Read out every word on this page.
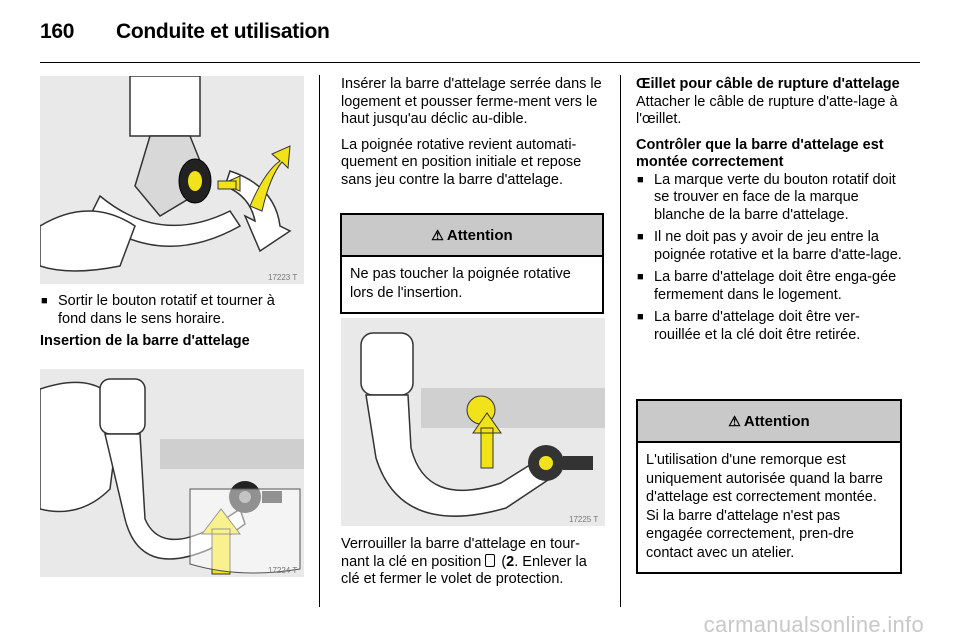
160 Conduite et utilisation
17223 T
■ Sortir le bouton rotatif et tourner à fond dans le sens horaire.

Insertion de la barre d'attelage

17224 T

Insérer la barre d'attelage serrée dans le logement et pousser ferme-ment vers le haut jusqu'au déclic au-dible.

La poignée rotative revient automati-quement en position initiale et repose sans jeu contre la barre d'attelage.

⚠ Attention
Ne pas toucher la poignée rotative lors de l'insertion.
17225 T

Verrouiller la barre d'attelage en tour-nant la clé en position  (2. Enlever la clé et fermer le volet de protection.

Œillet pour câble de rupture d'attelage

Attacher le câble de rupture d'atte-lage à l'œillet.

Contrôler que la barre d'attelage est montée correctement

■ La marque verte du bouton rotatif doit se trouver en face de la marque blanche de la barre d'attelage.
■ Il ne doit pas y avoir de jeu entre la poignée rotative et la barre d'atte-lage.
■ La barre d'attelage doit être enga-gée fermement dans le logement.
■ La barre d'attelage doit être ver-rouillée et la clé doit être retirée.
⚠ Attention
L'utilisation d'une remorque est uniquement autorisée quand la barre d'attelage est correctement montée. Si la barre d'attelage n'est pas engagée correctement, pren-dre contact avec un atelier.
carmanualsonline.info
